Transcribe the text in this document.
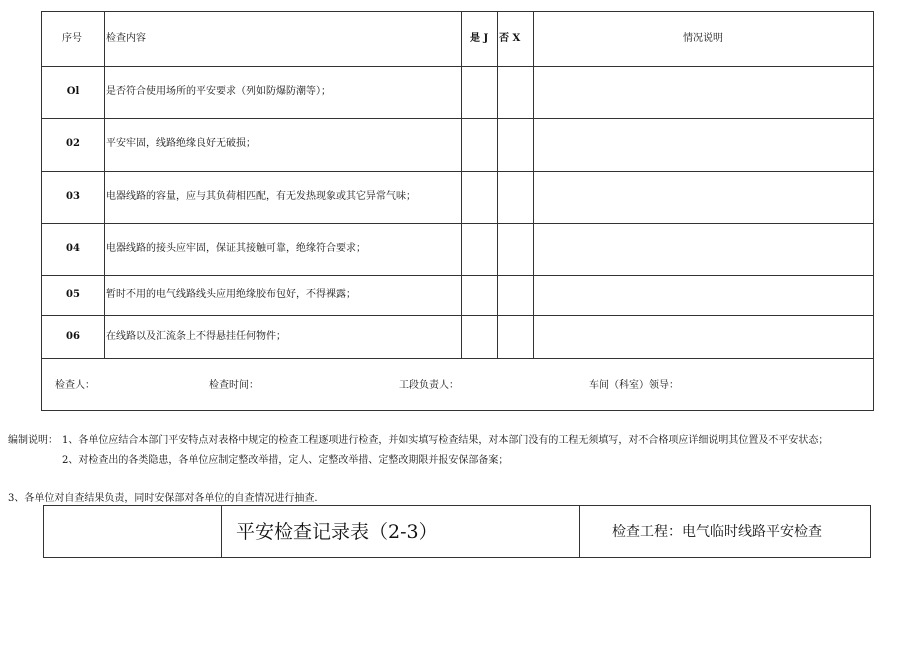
序号 检查内容	是 J 否 X	情况说明
Ol	是否符合使用场所的平安要求（列如防爆防潮等）；
02	平安牢固，线路绝缘良好无破损；
03	电器线路的容量，应与其负荷相匹配，有无发热现象或其它异常气味；
04	电器线路的接头应牢固，保证其接触可靠，绝缘符合要求；
05	暂时不用的电气线路线头应用绝缘胶布包好，不得裸露；
06	在线路以及汇流条上不得悬挂任何物件；
检查人：	检查时间：	工段负责人：	车间（科室）领导：
编制说明： 1、各单位应结合本部门平安特点对表格中规定的检查工程逐项进行检查，并如实填写检查结果，对本部门没有的工程无须填写，对不合格项应详细说明其位置及不平安状态；
2、对检查出的各类隐患，各单位应制定整改举措，定人、定整改举措、定整改期限并报安保部备案；
3、各单位对自查结果负责，同时安保部对各单位的自查情况进行抽查.
平安检查记录表（2-3）	检查工程：电气临时线路平安检查
